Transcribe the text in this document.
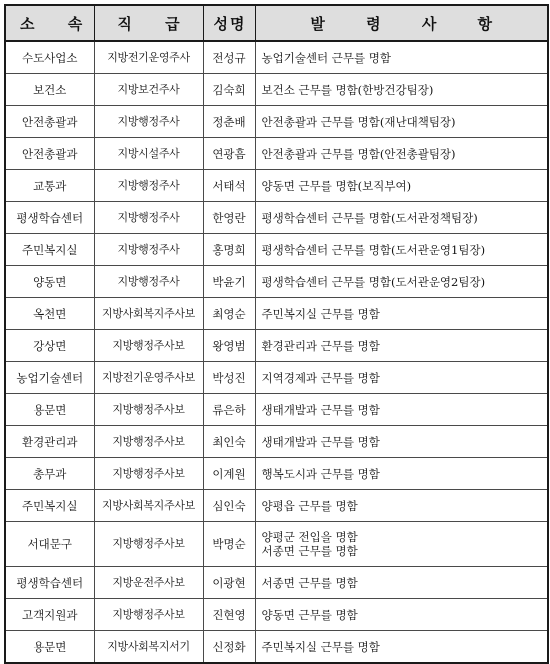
소 속	직 급	성명	발 령 사 항
수도사업소	지방전기운영주사	전성규	농업기술센터 근무를 명함

보건소	지방보건주사	김숙희	보건소 근무를 명함(한방건강팀장)

안전총괄과	지방행정주사	정춘배	안전총괄과 근무를 명함(재난대책팀장)

안전총괄과	지방시설주사	연광흠	안전총괄과 근무를 명함(안전총괄팀장)

교통과	지방행정주사	서태석	양동면 근무를 명함(보직부여)

평생학습센터	지방행정주사	한영란	평생학습센터 근무를 명함(도서관정책팀장)

주민복지실	지방행정주사	홍명희	평생학습센터 근무를 명함(도서관운영1팀장)

양동면	지방행정주사	박윤기	평생학습센터 근무를 명함(도서관운영2팀장)

옥천면	지방사회복지주사보	최영순	주민복지실 근무를 명함

강상면	지방행정주사보	왕영범	환경관리과 근무를 명함

농업기술센터	지방전기운영주사보	박성진	지역경제과 근무를 명함

용문면	지방행정주사보	류은하	생태개발과 근무를 명함

환경관리과	지방행정주사보	최인숙	생태개발과 근무를 명함

총무과	지방행정주사보	이계원	행복도시과 근무를 명함

주민복지실	지방사회복지주사보	심인숙	양평읍 근무를 명함

서대문구	지방행정주사보	박명순	양평군 전입을 명함
서종면 근무를 명함

평생학습센터	지방운전주사보	이광현	서종면 근무를 명함

고객지원과	지방행정주사보	진현영	양동면 근무를 명함

용문면	지방사회복지서기	신정화	주민복지실 근무를 명함
